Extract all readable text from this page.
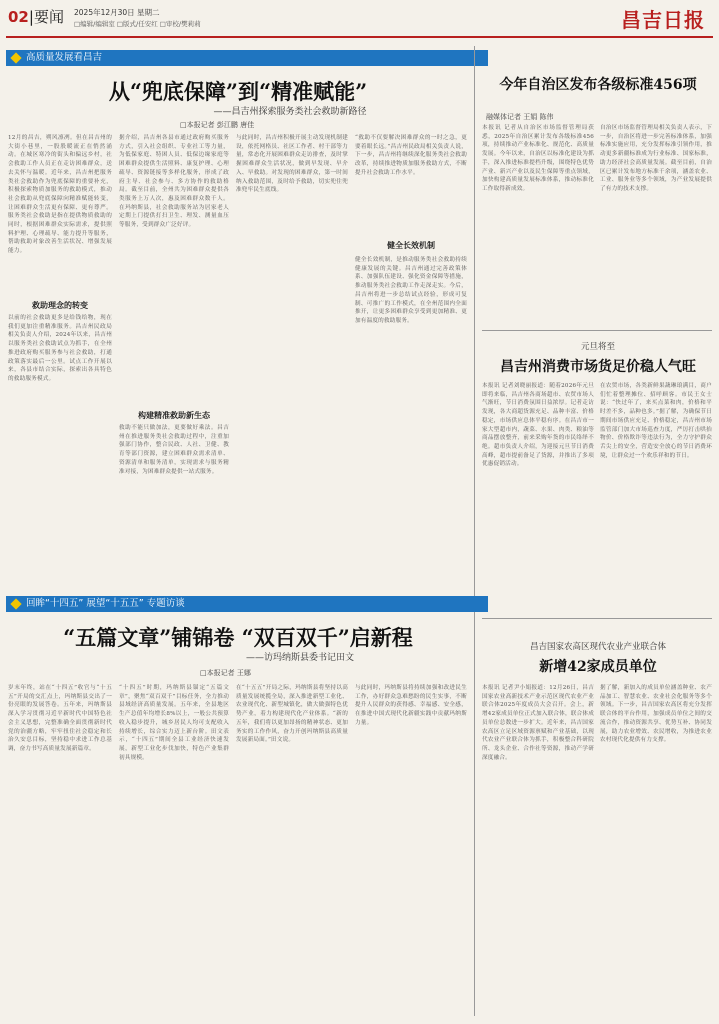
02|要闻 2025年12月30日 星期二
□编辑/编辑室 □版式/任安红 □审校/樊莉莉	昌吉日报
高质量发展看昌吉
从“兜底保障”到“精准赋能”
——昌吉州探索服务类社会救助新路径
□本报记者 彭江鹏 唐佳
12月的昌吉，朔风凛冽。但在昌吉州的大街小巷里，一股股暖流正在悄然涌动。在城区寒冷的街头和偏远乡村，社会救助工作人员正在走访困难群众，送去关怀与温暖。近年来，昌吉州把服务类社会救助作为兜底保障的重要补充，积极探索物质加服务的救助模式，推动社会救助从兜底保障向精准赋能转变，让困难群众生活更有保障、更有尊严。服务类社会救助是指在提供物质救助的同时，根据困难群众实际需求，提供照料护理、心理疏导、能力提升等服务，帮助救助对象改善生活状况、增强发展能力。
救助理念的转变
以前的社会救助更多是给钱给物，现在我们更加注重精准服务。昌吉州民政局相关负责人介绍，2024年以来，昌吉州以服务类社会救助试点为抓手，在全州推进政府购买服务参与社会救助，打通政策落实最后一公里。试点工作开展以来，各县市结合实际，探索出各具特色的救助服务模式。
据介绍，昌吉州各县市通过政府购买服务方式，引入社会组织、专业社工等力量，为低保家庭、特困人员、低保边缘家庭等困难群众提供生活照料、康复护理、心理疏导、资源链接等多样化服务，形成了政府主导、社会参与、多方协作的救助格局。截至目前，全州共为困难群众提供各类服务上万人次，惠及困难群众数千人。在玛纳斯县，社会救助服务站为居家老人定期上门提供打扫卫生、理发、测量血压等服务，受到群众广泛好评。
构建精准救助新生态
救助不能只做加法，更要做好乘法。昌吉州在推进服务类社会救助过程中，注重加强部门协作，整合民政、人社、卫健、教育等部门资源，建立困难群众需求清单、资源清单和服务清单，实现需求与服务精准对接，为困难群众提供一站式服务。
与此同时，昌吉州积极开展主动发现机制建设，依托网格员、社区工作者、村干部等力量，常态化开展困难群众走访排查，及时掌握困难群众生活状况，做到早发现、早介入、早救助。对发现的困难群众，第一时间纳入救助范围，及时给予救助，切实兜住兜准兜牢民生底线。
“救助不仅要解决困难群众的一时之急，更要着眼长远。”昌吉州民政局相关负责人说，下一步，昌吉州将继续深化服务类社会救助改革，持续推进物质加服务救助方式，不断提升社会救助工作水平。
健全长效机制
健全长效机制，是推动服务类社会救助持续健康发展的关键。昌吉州通过完善政策体系、加强队伍建设、强化资金保障等措施，推动服务类社会救助工作走深走实。今后，昌吉州将进一步总结试点经验，形成可复制、可推广的工作模式，在全州范围内全面推开，让更多困难群众享受到更加精准、更加有温度的救助服务。
今年自治区发布各级标准456项
融媒体记者 王娟 陈伟
本报讯 记者从自治区市场监督管理局获悉，2025年自治区累计发布各级标准456项，持续推动产业标准化、规范化、高质量发展。今年以来，自治区以标准化建设为抓手，深入推进标准提档升级，围绕特色优势产业、新兴产业以及民生保障等重点领域，加快构建高质量发展标准体系，推动标准化工作取得新成效。
自治区市场监督管理局相关负责人表示，下一步，自治区将进一步完善标准体系，加强标准实施应用，充分发挥标准引领作用，推动更多新疆标准成为行业标准、国家标准，助力经济社会高质量发展。截至目前，自治区已累计发布地方标准千余项，涵盖农业、工业、服务业等多个领域，为产业发展提供了有力的技术支撑。
元旦将至
昌吉州消费市场货足价稳人气旺
本报讯 记者刘晓丽报道：随着2026年元旦即将来临，昌吉州各商场超市、农贸市场人气渐旺，节日消费氛围日益浓厚。记者走访发现，各大商超货源充足、品种丰富、价格稳定，市场供应总体平稳有序。在昌吉市一家大型超市内，蔬菜、水果、肉类、粮油等商品摆放整齐，前来采购年货的市民络绎不绝。超市负责人介绍，为迎接元旦节日消费高峰，超市提前备足了货源，并推出了多项优惠促销活动。
在农贸市场，各类新鲜果蔬琳琅满目，商户们忙着整理摊位、招呼顾客。市民王女士说：“快过年了，来买点菜和肉，价格和平时差不多，品种也多。”据了解，为确保节日期间市场供应充足、价格稳定，昌吉州市场监管部门加大市场巡查力度，严厉打击哄抬物价、价格欺诈等违法行为，全力守护群众舌尖上的安全，营造安全放心的节日消费环境，让群众过一个欢乐祥和的节日。
回眸“十四五” 展望“十五五” 专题访谈
“五篇文章”铺锦卷 “双百双千”启新程
——访玛纳斯县委书记田文
□本报记者 王娜
岁末年终，站在“十四五”收官与“十五五”开局的交汇点上，玛纳斯县交出了一份亮眼的发展答卷。五年来，玛纳斯县深入学习贯彻习近平新时代中国特色社会主义思想，完整准确全面贯彻新时代党的治疆方略，牢牢扭住社会稳定和长治久安总目标，坚持稳中求进工作总基调，奋力书写高质量发展新篇章。
“十四五”时期，玛纳斯县锚定“五篇文章”，聚焦“双百双千”目标任务，全力推动县域经济高质量发展。五年来，全县地区生产总值年均增长8%以上，一般公共预算收入稳步提升，城乡居民人均可支配收入持续增长，综合实力迈上新台阶。田文表示，“十四五”期间全县工业经济快速发展，新型工业化步伐加快，特色产业集群初具规模。
在“十五五”开局之际，玛纳斯县将坚持以高质量发展统揽全局，深入推进新型工业化、农业现代化、新型城镇化，做大做强特色优势产业，着力构建现代化产业体系。“新的五年，我们将以更加昂扬的精神状态、更加务实的工作作风，奋力开创玛纳斯县高质量发展新局面。”田文说。
与此同时，玛纳斯县将持续加强和改进民生工作，办好群众急难愁盼的民生实事，不断提升人民群众的获得感、幸福感、安全感，在推进中国式现代化新疆实践中贡献玛纳斯力量。
昌吉国家农高区现代农业产业联合体
新增42家成员单位
本报讯 记者尹小娟报道：12月26日，昌吉国家农业高新技术产业示范区现代农业产业联合体2025年度成员大会召开。会上，新增42家成员单位正式加入联合体，联合体成员单位总数进一步扩大。近年来，昌吉国家农高区立足区域资源禀赋和产业基础，以现代农业产业联合体为抓手，积极整合科研院所、龙头企业、合作社等资源，推动产学研深度融合。
据了解，新加入的成员单位涵盖种业、农产品加工、智慧农业、农业社会化服务等多个领域。下一步，昌吉国家农高区将充分发挥联合体的平台作用，加强成员单位之间的交流合作，推动资源共享、优势互补、协同发展，助力农业增效、农民增收，为推进农业农村现代化提供有力支撑。
